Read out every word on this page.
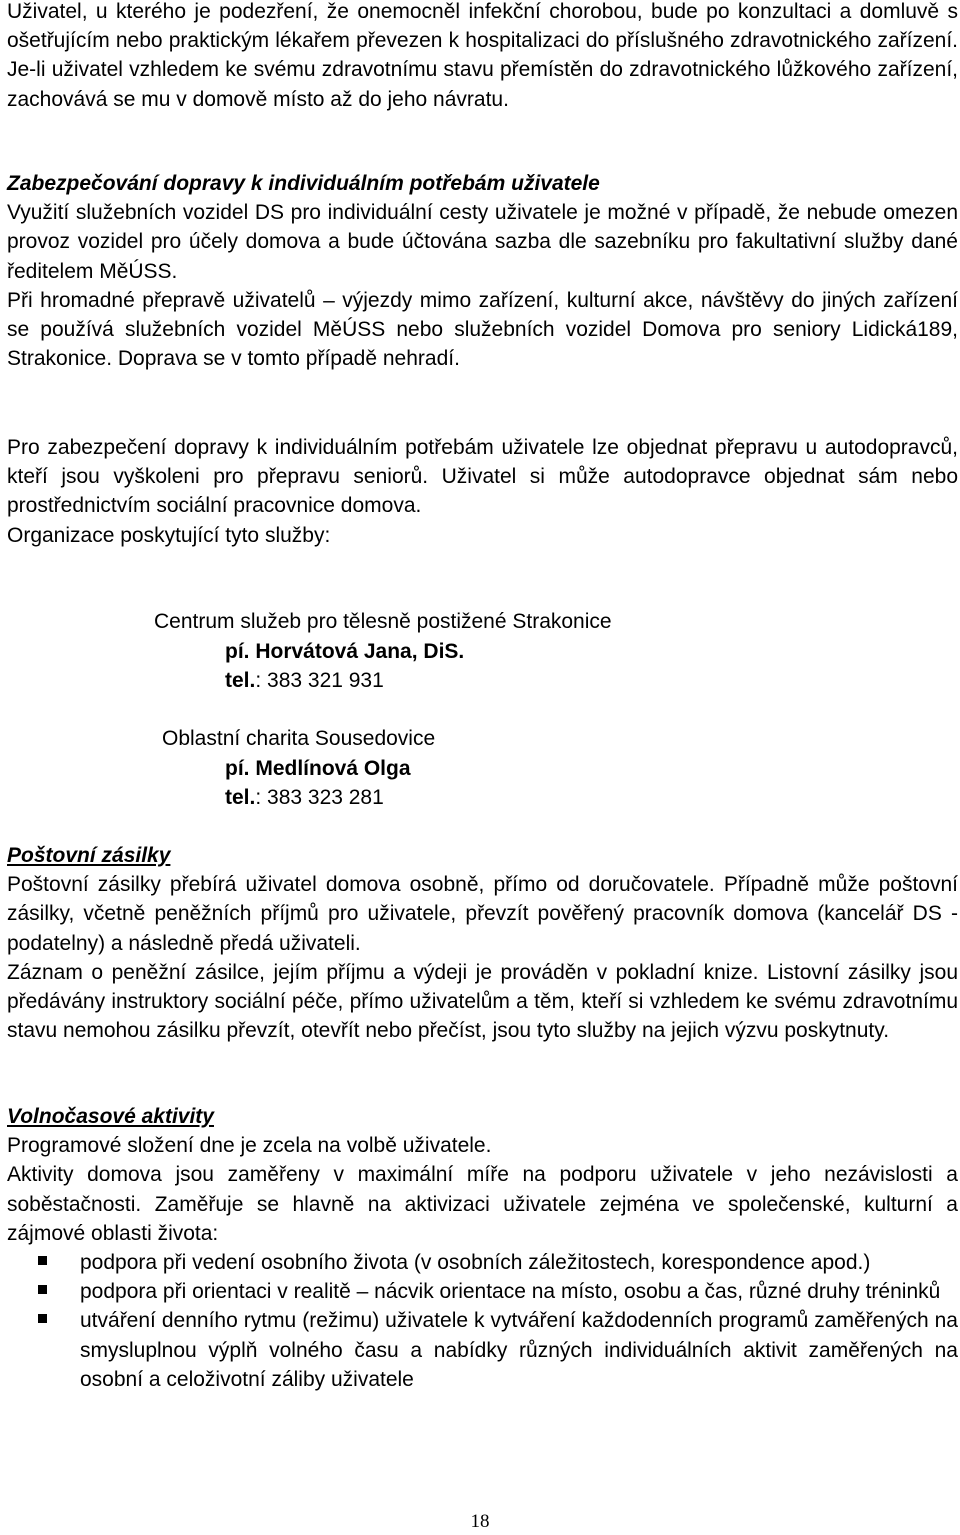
Uživatel, u kterého je podezření, že onemocněl infekční chorobou, bude po konzultaci a domluvě s ošetřujícím nebo praktickým lékařem převezen k hospitalizaci do příslušného zdravotnického zařízení. Je-li uživatel vzhledem ke svému zdravotnímu stavu přemístěn do zdravotnického lůžkového zařízení, zachovává se mu v domově místo až do jeho návratu.

Zabezpečování dopravy k individuálním potřebám uživatele

Využití služebních vozidel DS pro individuální cesty uživatele je možné v případě, že nebude omezen provoz vozidel pro účely domova a bude účtována sazba dle sazebníku pro fakultativní služby dané ředitelem MěÚSS.

Při hromadné přepravě uživatelů – výjezdy mimo zařízení, kulturní akce, návštěvy do jiných zařízení se používá služebních vozidel MěÚSS nebo služebních vozidel Domova pro seniory Lidická189, Strakonice. Doprava se v tomto případě nehradí.

Pro zabezpečení dopravy k individuálním potřebám uživatele lze objednat přepravu u autodopravců, kteří jsou vyškoleni pro přepravu seniorů. Uživatel si může autodopravce objednat sám nebo prostřednictvím sociální pracovnice domova.

Organizace poskytující tyto služby:

Centrum služeb pro tělesně postižené Strakonice
pí. Horvátová Jana, DiS.
tel.: 383 321 931
Oblastní charita Sousedovice
pí. Medlínová Olga
tel.: 383 323 281

Poštovní zásilky

Poštovní zásilky přebírá uživatel domova osobně, přímo od doručovatele. Případně může poštovní zásilky, včetně peněžních příjmů pro uživatele, převzít pověřený pracovník domova (kancelář DS - podatelny) a následně předá uživateli.

Záznam o peněžní zásilce, jejím příjmu a výdeji je prováděn v pokladní knize. Listovní zásilky jsou předávány instruktory sociální péče, přímo uživatelům a těm, kteří si vzhledem ke svému zdravotnímu stavu nemohou zásilku převzít, otevřít nebo přečíst, jsou tyto služby na jejich výzvu poskytnuty.

Volnočasové aktivity

Programové složení dne je zcela na volbě uživatele.

Aktivity domova jsou zaměřeny v maximální míře na podporu uživatele v jeho nezávislosti a soběstačnosti. Zaměřuje se hlavně na aktivizaci uživatele zejména ve společenské, kulturní a zájmové oblasti života:

podpora při vedení osobního života (v osobních záležitostech, korespondence apod.)
podpora při orientaci v realitě – nácvik orientace na místo, osobu a čas, různé druhy tréninků
utváření denního rytmu (režimu) uživatele k vytváření každodenních programů zaměřených na smysluplnou výplň volného času a nabídky různých individuálních aktivit zaměřených na osobní a celoživotní záliby uživatele
18
